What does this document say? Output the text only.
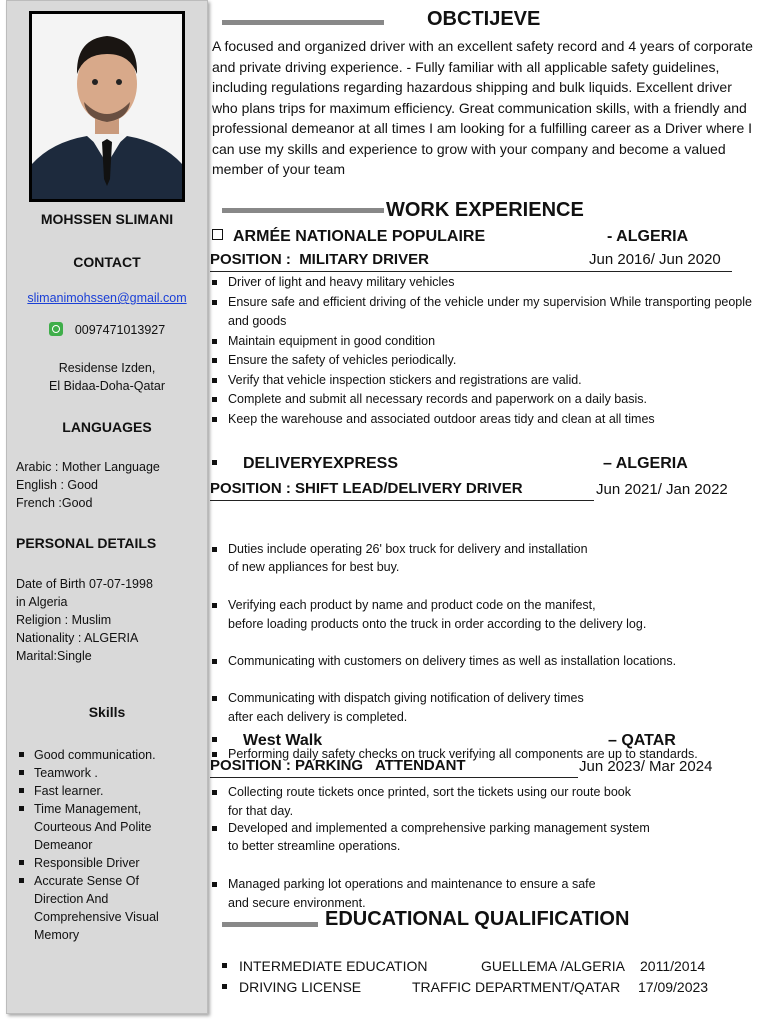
MOHSSEN SLIMANI
CONTACT
slimanimohssen@gmail.com
0097471013927
Residense Izden,
El Bidaa-Doha-Qatar
LANGUAGES
Arabic : Mother Language
English : Good
French :Good
PERSONAL DETAILS
Date of Birth 07-07-1998
in Algeria
Religion : Muslim
Nationality : ALGERIA
Marital:Single
Skills
Good communication.
Teamwork .
Fast learner.
Time Management, Courteous And Polite Demeanor
Responsible Driver
Accurate Sense Of Direction And Comprehensive Visual Memory
OBCTIJEVE
A focused and organized driver with an excellent safety record and 4 years of corporate and private driving experience. - Fully familiar with all applicable safety guidelines, including regulations regarding hazardous shipping and bulk liquids. Excellent driver who plans trips for maximum efficiency. Great communication skills, with a friendly and professional demeanor at all times I am looking for a fulfilling career as a Driver where I can use my skills and experience to grow with your company and become a valued member of your team
WORK EXPERIENCE
ARMÉE NATIONALE POPULAIRE	- ALGERIA
POSITION : MILITARY DRIVER	Jun 2016/ Jun 2020
Driver of light and heavy military vehicles
Ensure safe and efficient driving of the vehicle under my supervision While transporting people and goods
Maintain equipment in good condition
Ensure the safety of vehicles periodically.
Verify that vehicle inspection stickers and registrations are valid.
Complete and submit all necessary records and paperwork on a daily basis.
Keep the warehouse and associated outdoor areas tidy and clean at all times
DELIVERYEXPRESS	– ALGERIA
POSITION : SHIFT LEAD/DELIVERY DRIVER	Jun 2021/ Jan 2022

Duties include operating 26' box truck for delivery and installation
of new appliances for best buy.

Verifying each product by name and product code on the manifest,
before loading products onto the truck in order according to the delivery log.

Communicating with customers on delivery times as well as installation locations.

Communicating with dispatch giving notification of delivery times
after each delivery is completed.

Performing daily safety checks on truck verifying all components are up to standards.

Collecting route tickets once printed, sort the tickets using our route book
for that day.

West Walk	– QATAR
POSITION : PARKING   ATTENDANT	Jun 2023/ Mar 2024

Developed and implemented a comprehensive parking management system
to better streamline operations.

Managed parking lot operations and maintenance to ensure a safe
and secure environment.

EDUCATIONAL QUALIFICATION
INTERMEDIATE EDUCATION	GUELLEMA /ALGERIA 2011/2014
DRIVING LICENSE	TRAFFIC DEPARTMENT/QATAR 17/09/2023
